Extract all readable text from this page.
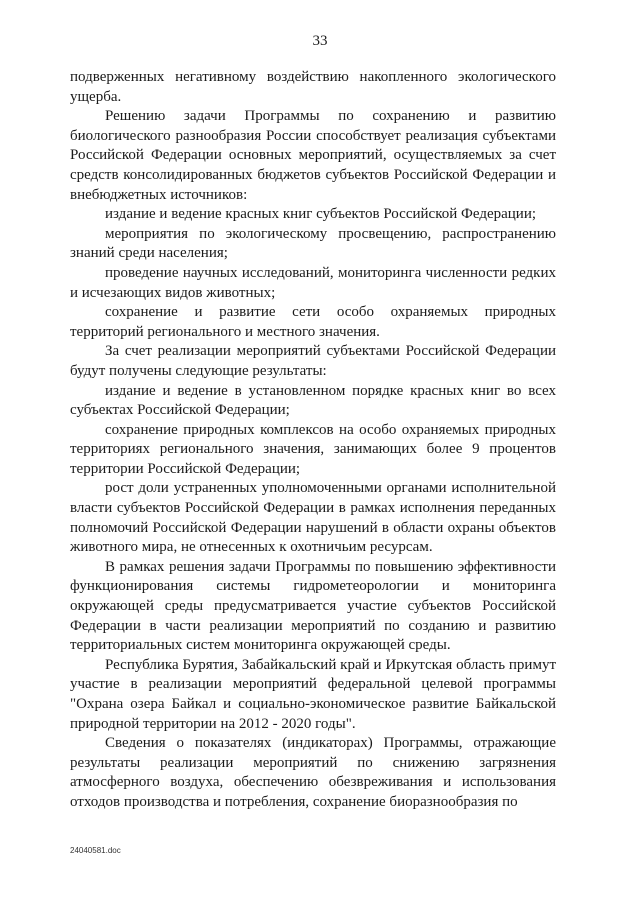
33

подверженных негативному воздействию накопленного экологического ущерба.

Решению задачи Программы по сохранению и развитию биологического разнообразия России способствует реализация субъектами Российской Федерации основных мероприятий, осуществляемых за счет средств консолидированных бюджетов субъектов Российской Федерации и внебюджетных источников:

издание и ведение красных книг субъектов Российской Федерации;

мероприятия по экологическому просвещению, распространению знаний среди населения;

проведение научных исследований, мониторинга численности редких и исчезающих видов животных;

сохранение и развитие сети особо охраняемых природных территорий регионального и местного значения.

За счет реализации мероприятий субъектами Российской Федерации будут получены следующие результаты:

издание и ведение в установленном порядке красных книг во всех субъектах Российской Федерации;

сохранение природных комплексов на особо охраняемых природных территориях регионального значения, занимающих более 9 процентов территории Российской Федерации;

рост доли устраненных уполномоченными органами исполнительной власти субъектов Российской Федерации в рамках исполнения переданных полномочий Российской Федерации нарушений в области охраны объектов животного мира, не отнесенных к охотничьим ресурсам.

В рамках решения задачи Программы по повышению эффективности функционирования системы гидрометеорологии и мониторинга окружающей среды предусматривается участие субъектов Российской Федерации в части реализации мероприятий по созданию и развитию территориальных систем мониторинга окружающей среды.

Республика Бурятия, Забайкальский край и Иркутская область примут участие в реализации мероприятий федеральной целевой программы "Охрана озера Байкал и социально-экономическое развитие Байкальской природной территории на 2012 - 2020 годы".

Сведения о показателях (индикаторах) Программы, отражающие результаты реализации мероприятий по снижению загрязнения атмосферного воздуха, обеспечению обезвреживания и использования отходов производства и потребления, сохранение биоразнообразия по

24040581.doc
